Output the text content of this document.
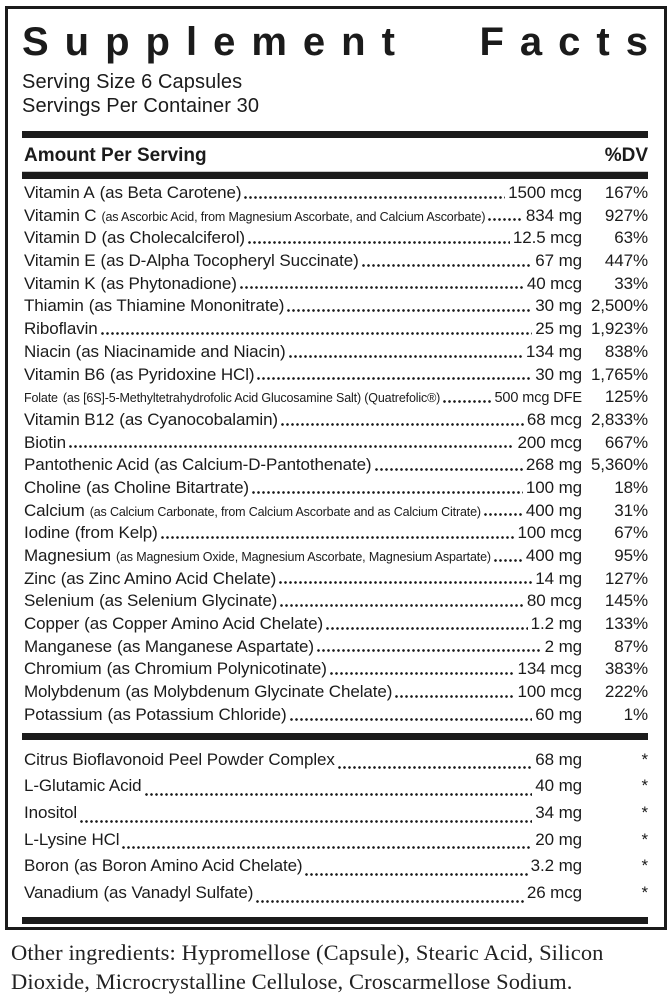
Supplement Facts
Serving Size 6 Capsules
Servings Per Container 30
Amount Per Serving	%DV
Vitamin A (as Beta Carotene)	1500 mcg	167%
Vitamin C (as Ascorbic Acid, from Magnesium Ascorbate, and Calcium Ascorbate) 834 mg	927%
Vitamin D (as Cholecalciferol)	12.5 mcg	63%
Vitamin E (as D-Alpha Tocopheryl Succinate)	67 mg	447%
Vitamin K (as Phytonadione)	40 mcg	33%
Thiamin (as Thiamine Mononitrate)	30 mg 2,500%
Riboflavin	25 mg 1,923%
Niacin (as Niacinamide and Niacin)	134 mg	838%
Vitamin B6 (as Pyridoxine HCl)	30 mg 1,765%
Folate (as [6S]-5-Methyltetrahydrofolic Acid Glucosamine Salt) (Quatrefolic®)	500 mcg DFE	125%
Vitamin B12 (as Cyanocobalamin)	68 mcg 2,833%
Biotin	200 mcg	667%
Pantothenic Acid (as Calcium-D-Pantothenate)	268 mg 5,360%
Choline (as Choline Bitartrate)	100 mg	18%
Calcium (as Calcium Carbonate, from Calcium Ascorbate and as Calcium Citrate)	400 mg	31%
Iodine (from Kelp)	100 mcg	67%
Magnesium (as Magnesium Oxide, Magnesium Ascorbate, Magnesium Aspartate) 400 mg	95%
Zinc (as Zinc Amino Acid Chelate)	14 mg	127%
Selenium (as Selenium Glycinate)	80 mcg	145%
Copper (as Copper Amino Acid Chelate)	1.2 mg	133%
Manganese (as Manganese Aspartate)	2 mg	87%
Chromium (as Chromium Polynicotinate)	134 mcg	383%
Molybdenum (as Molybdenum Glycinate Chelate)	100 mcg	222%
Potassium (as Potassium Chloride)	60 mg	1%
Citrus Bioflavonoid Peel Powder Complex	68 mg	*
L-Glutamic Acid	40 mg	*
Inositol	34 mg	*
L-Lysine HCl	20 mg	*
Boron (as Boron Amino Acid Chelate)	3.2 mg	*
Vanadium (as Vanadyl Sulfate)	26 mcg	*
Other ingredients: Hypromellose (Capsule), Stearic Acid, Silicon Dioxide, Microcrystalline Cellulose, Croscarmellose Sodium.
